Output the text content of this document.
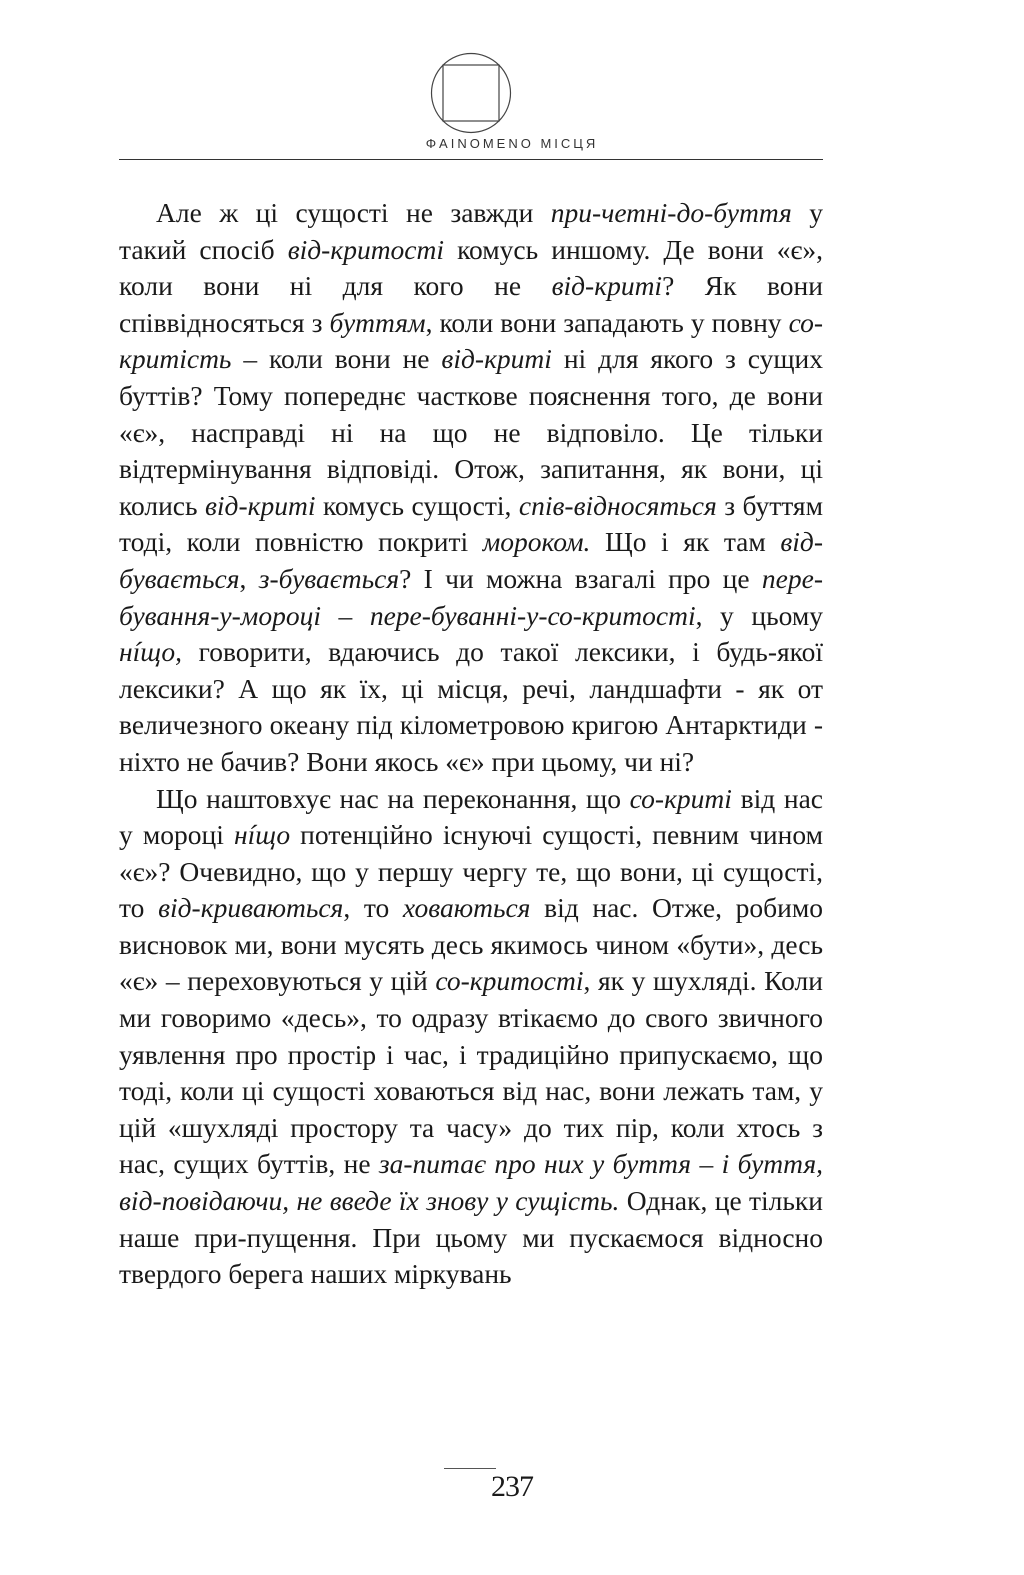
ΦAINOMENO МІСЦЯ

Але ж ці сущості не завжди при-четні-до-буття у такий спосіб від-критості комусь иншому. Де вони «є», коли вони ні для кого не від-криті? Як вони співвідносяться з буттям, коли вони западають у повну со-критість – коли вони не від-криті ні для якого з сущих буттів? Тому попереднє часткове пояснення того, де вони «є», насправді ні на що не відповіло. Це тільки відтермінування відповіді. Отож, запитання, як вони, ці колись від-криті комусь сущості, спів-відносяться з буттям тоді, коли повністю покриті мороком. Що і як там від-бувається, з-бувається? І чи можна взагалі про це пере-бування-у-мороці – пере-буванні-у-со-критості, у цьому нíщо, говорити, вдаючись до такої лексики, і будь-якої лексики? А що як їх, ці місця, речі, ландшафти - як от величезного океану під кілометровою кригою Антарктиди - ніхто не бачив? Вони якось «є» при цьому, чи ні?

Що наштовхує нас на переконання, що со-криті від нас у мороці нíщо потенційно існуючі сущості, певним чином «є»? Очевидно, що у першу чергу те, що вони, ці сущості, то від-криваються, то ховаються від нас. Отже, робимо висновок ми, вони мусять десь якимось чином «бути», десь «є» – переховуються у цій со-критості, як у шухляді. Коли ми говоримо «десь», то одразу втікаємо до свого звичного уявлення про простір і час, і традиційно припускаємо, що тоді, коли ці сущості ховаються від нас, вони лежать там, у цій «шухляді простору та часу» до тих пір, коли хтось з нас, сущих буттів, не за-питає про них у буття – і буття, від-повідаючи, не введе їх знову у сущість. Однак, це тільки наше при-пущення. При цьому ми пускаємося відносно твердого берега наших міркувань

237
